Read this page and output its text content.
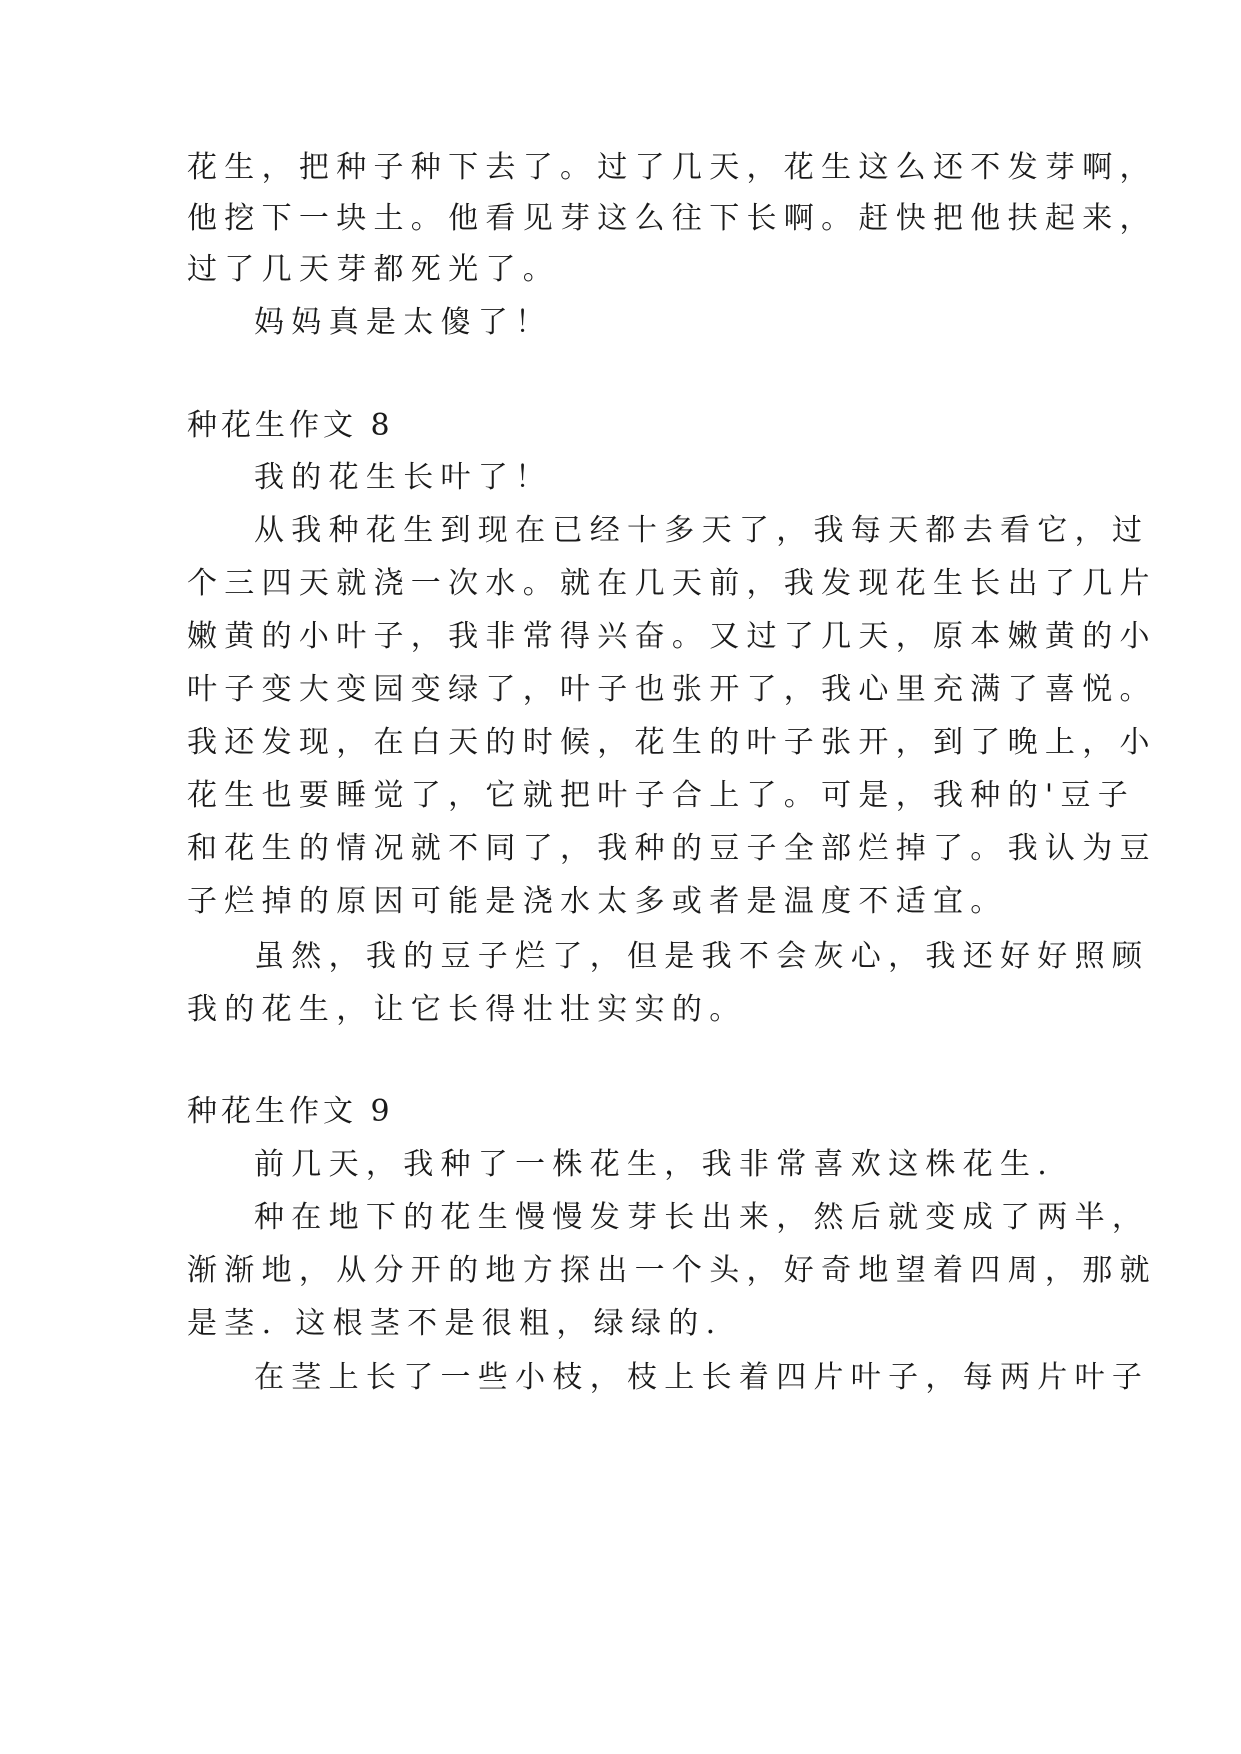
花生，把种子种下去了。过了几天，花生这么还不发芽啊，
他挖下一块土。他看见芽这么往下长啊。赶快把他扶起来，
过了几天芽都死光了。
妈妈真是太傻了！
种花生作文 8
我的花生长叶了！
从我种花生到现在已经十多天了，我每天都去看它，过
个三四天就浇一次水。就在几天前，我发现花生长出了几片
嫩黄的小叶子，我非常得兴奋。又过了几天，原本嫩黄的小
叶子变大变园变绿了，叶子也张开了，我心里充满了喜悦。
我还发现，在白天的时候，花生的叶子张开，到了晚上，小
花生也要睡觉了，它就把叶子合上了。可是，我种的'豆子
和花生的情况就不同了，我种的豆子全部烂掉了。我认为豆
子烂掉的原因可能是浇水太多或者是温度不适宜。
虽然，我的豆子烂了，但是我不会灰心，我还好好照顾
我的花生，让它长得壮壮实实的。
种花生作文 9
前几天，我种了一株花生，我非常喜欢这株花生.
种在地下的花生慢慢发芽长出来，然后就变成了两半，
渐渐地，从分开的地方探出一个头，好奇地望着四周，那就
是茎. 这根茎不是很粗，绿绿的.
在茎上长了一些小枝，枝上长着四片叶子，每两片叶子
